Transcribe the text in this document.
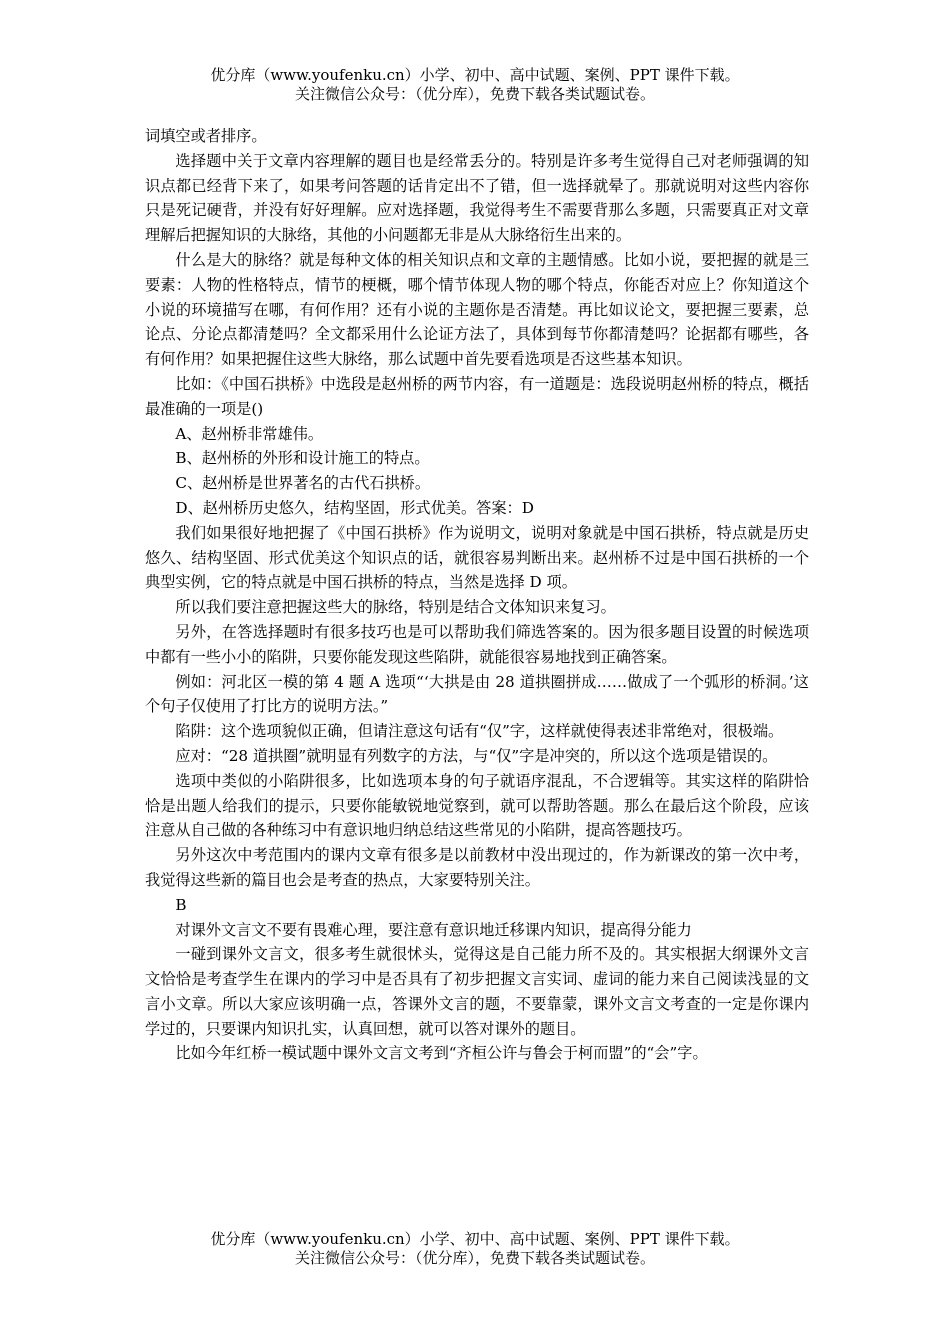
优分库（www.youfenku.cn）小学、初中、高中试题、案例、PPT 课件下载。
关注微信公众号：（优分库），免费下载各类试题试卷。

词填空或者排序。

选择题中关于文章内容理解的题目也是经常丢分的。特别是许多考生觉得自己对老师强调的知识点都已经背下来了，如果考问答题的话肯定出不了错，但一选择就晕了。那就说明对这些内容你只是死记硬背，并没有好好理解。应对选择题，我觉得考生不需要背那么多题，只需要真正对文章理解后把握知识的大脉络，其他的小问题都无非是从大脉络衍生出来的。

什么是大的脉络？就是每种文体的相关知识点和文章的主题情感。比如小说，要把握的就是三要素：人物的性格特点，情节的梗概，哪个情节体现人物的哪个特点，你能否对应上？你知道这个小说的环境描写在哪，有何作用？还有小说的主题你是否清楚。再比如议论文，要把握三要素，总论点、分论点都清楚吗？全文都采用什么论证方法了，具体到每节你都清楚吗？论据都有哪些，各有何作用？如果把握住这些大脉络，那么试题中首先要看选项是否这些基本知识。

比如：《中国石拱桥》中选段是赵州桥的两节内容，有一道题是：选段说明赵州桥的特点，概括最准确的一项是()

A、赵州桥非常雄伟。

B、赵州桥的外形和设计施工的特点。

C、赵州桥是世界著名的古代石拱桥。

D、赵州桥历史悠久，结构坚固，形式优美。答案：D

我们如果很好地把握了《中国石拱桥》作为说明文，说明对象就是中国石拱桥，特点就是历史悠久、结构坚固、形式优美这个知识点的话，就很容易判断出来。赵州桥不过是中国石拱桥的一个典型实例，它的特点就是中国石拱桥的特点，当然是选择 D 项。

所以我们要注意把握这些大的脉络，特别是结合文体知识来复习。

另外，在答选择题时有很多技巧也是可以帮助我们筛选答案的。因为很多题目设置的时候选项中都有一些小小的陷阱，只要你能发现这些陷阱，就能很容易地找到正确答案。

例如：河北区一模的第 4 题 A 选项“‘大拱是由 28 道拱圈拼成……做成了一个弧形的桥洞。’这个句子仅使用了打比方的说明方法。”

陷阱：这个选项貌似正确，但请注意这句话有“仅”字，这样就使得表述非常绝对，很极端。

应对：“28 道拱圈”就明显有列数字的方法，与“仅”字是冲突的，所以这个选项是错误的。

选项中类似的小陷阱很多，比如选项本身的句子就语序混乱，不合逻辑等。其实这样的陷阱恰恰是出题人给我们的提示，只要你能敏锐地觉察到，就可以帮助答题。那么在最后这个阶段，应该注意从自己做的各种练习中有意识地归纳总结这些常见的小陷阱，提高答题技巧。

另外这次中考范围内的课内文章有很多是以前教材中没出现过的，作为新课改的第一次中考，我觉得这些新的篇目也会是考查的热点，大家要特别关注。

B

对课外文言文不要有畏难心理，要注意有意识地迁移课内知识，提高得分能力

一碰到课外文言文，很多考生就很怵头，觉得这是自己能力所不及的。其实根据大纲课外文言文恰恰是考查学生在课内的学习中是否具有了初步把握文言实词、虚词的能力来自己阅读浅显的文言小文章。所以大家应该明确一点，答课外文言的题，不要靠蒙，课外文言文考查的一定是你课内学过的，只要课内知识扎实，认真回想，就可以答对课外的题目。

比如今年红桥一模试题中课外文言文考到“齐桓公许与鲁会于柯而盟”的“会”字。

优分库（www.youfenku.cn）小学、初中、高中试题、案例、PPT 课件下载。
关注微信公众号：（优分库），免费下载各类试题试卷。
